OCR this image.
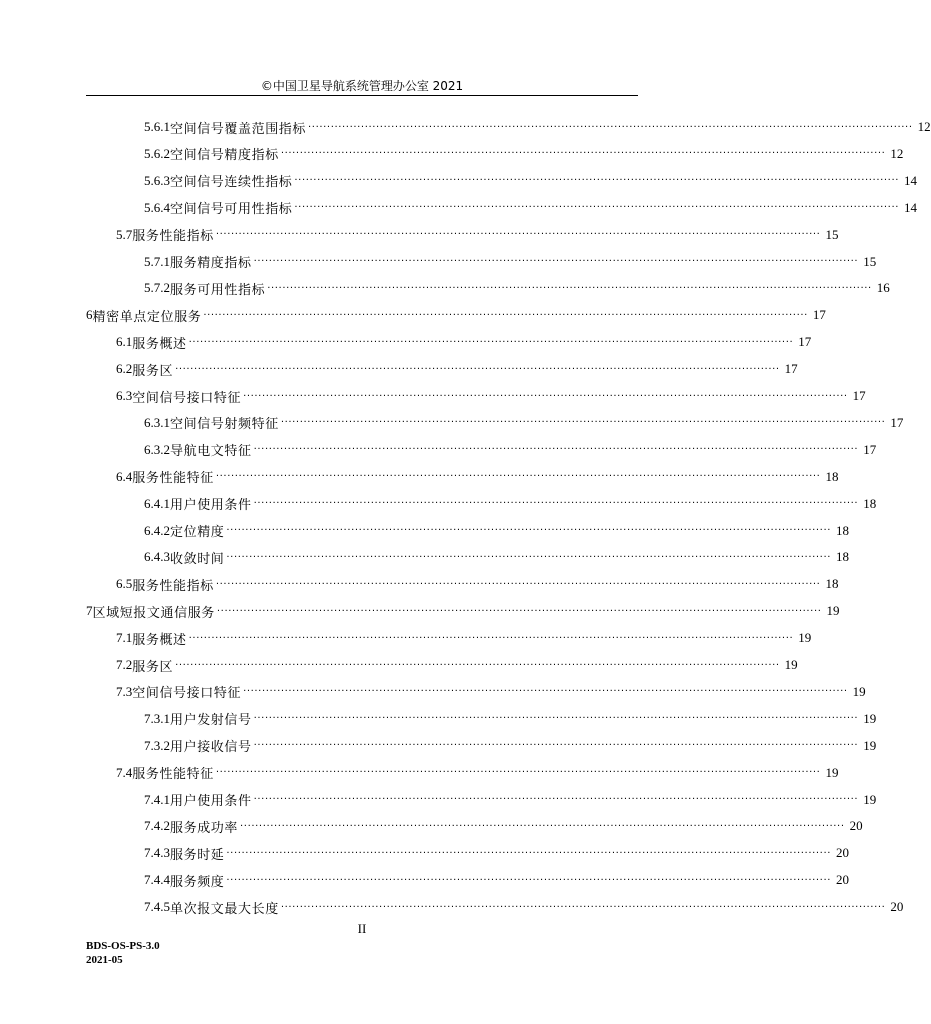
©中国卫星导航系统管理办公室 2021
5.6.1 空间信号覆盖范围指标 ································································································································································ 12
5.6.2 空间信号精度指标 ································································································································································ 12
5.6.3 空间信号连续性指标 ································································································································································ 14
5.6.4 空间信号可用性指标 ································································································································································ 14
5.7 服务性能指标 ································································································································································ 15
5.7.1 服务精度指标 ································································································································································ 15
5.7.2 服务可用性指标 ································································································································································ 16
6 精密单点定位服务 ································································································································································ 17
6.1 服务概述 ································································································································································ 17
6.2 服务区 ································································································································································ 17
6.3 空间信号接口特征 ································································································································································ 17
6.3.1 空间信号射频特征 ································································································································································ 17
6.3.2 导航电文特征 ································································································································································ 17
6.4 服务性能特征 ································································································································································ 18
6.4.1 用户使用条件 ································································································································································ 18
6.4.2 定位精度 ································································································································································ 18
6.4.3 收敛时间 ································································································································································ 18
6.5 服务性能指标 ································································································································································ 18
7 区域短报文通信服务 ································································································································································ 19
7.1 服务概述 ································································································································································ 19
7.2 服务区 ································································································································································ 19
7.3 空间信号接口特征 ································································································································································ 19
7.3.1 用户发射信号 ································································································································································ 19
7.3.2 用户接收信号 ································································································································································ 19
7.4 服务性能特征 ································································································································································ 19
7.4.1 用户使用条件 ································································································································································ 19
7.4.2 服务成功率 ································································································································································ 20
7.4.3 服务时延 ································································································································································ 20
7.4.4 服务频度 ································································································································································ 20
7.4.5 单次报文最大长度 ································································································································································ 20
II
BDS-OS-PS-3.0
2021-05
